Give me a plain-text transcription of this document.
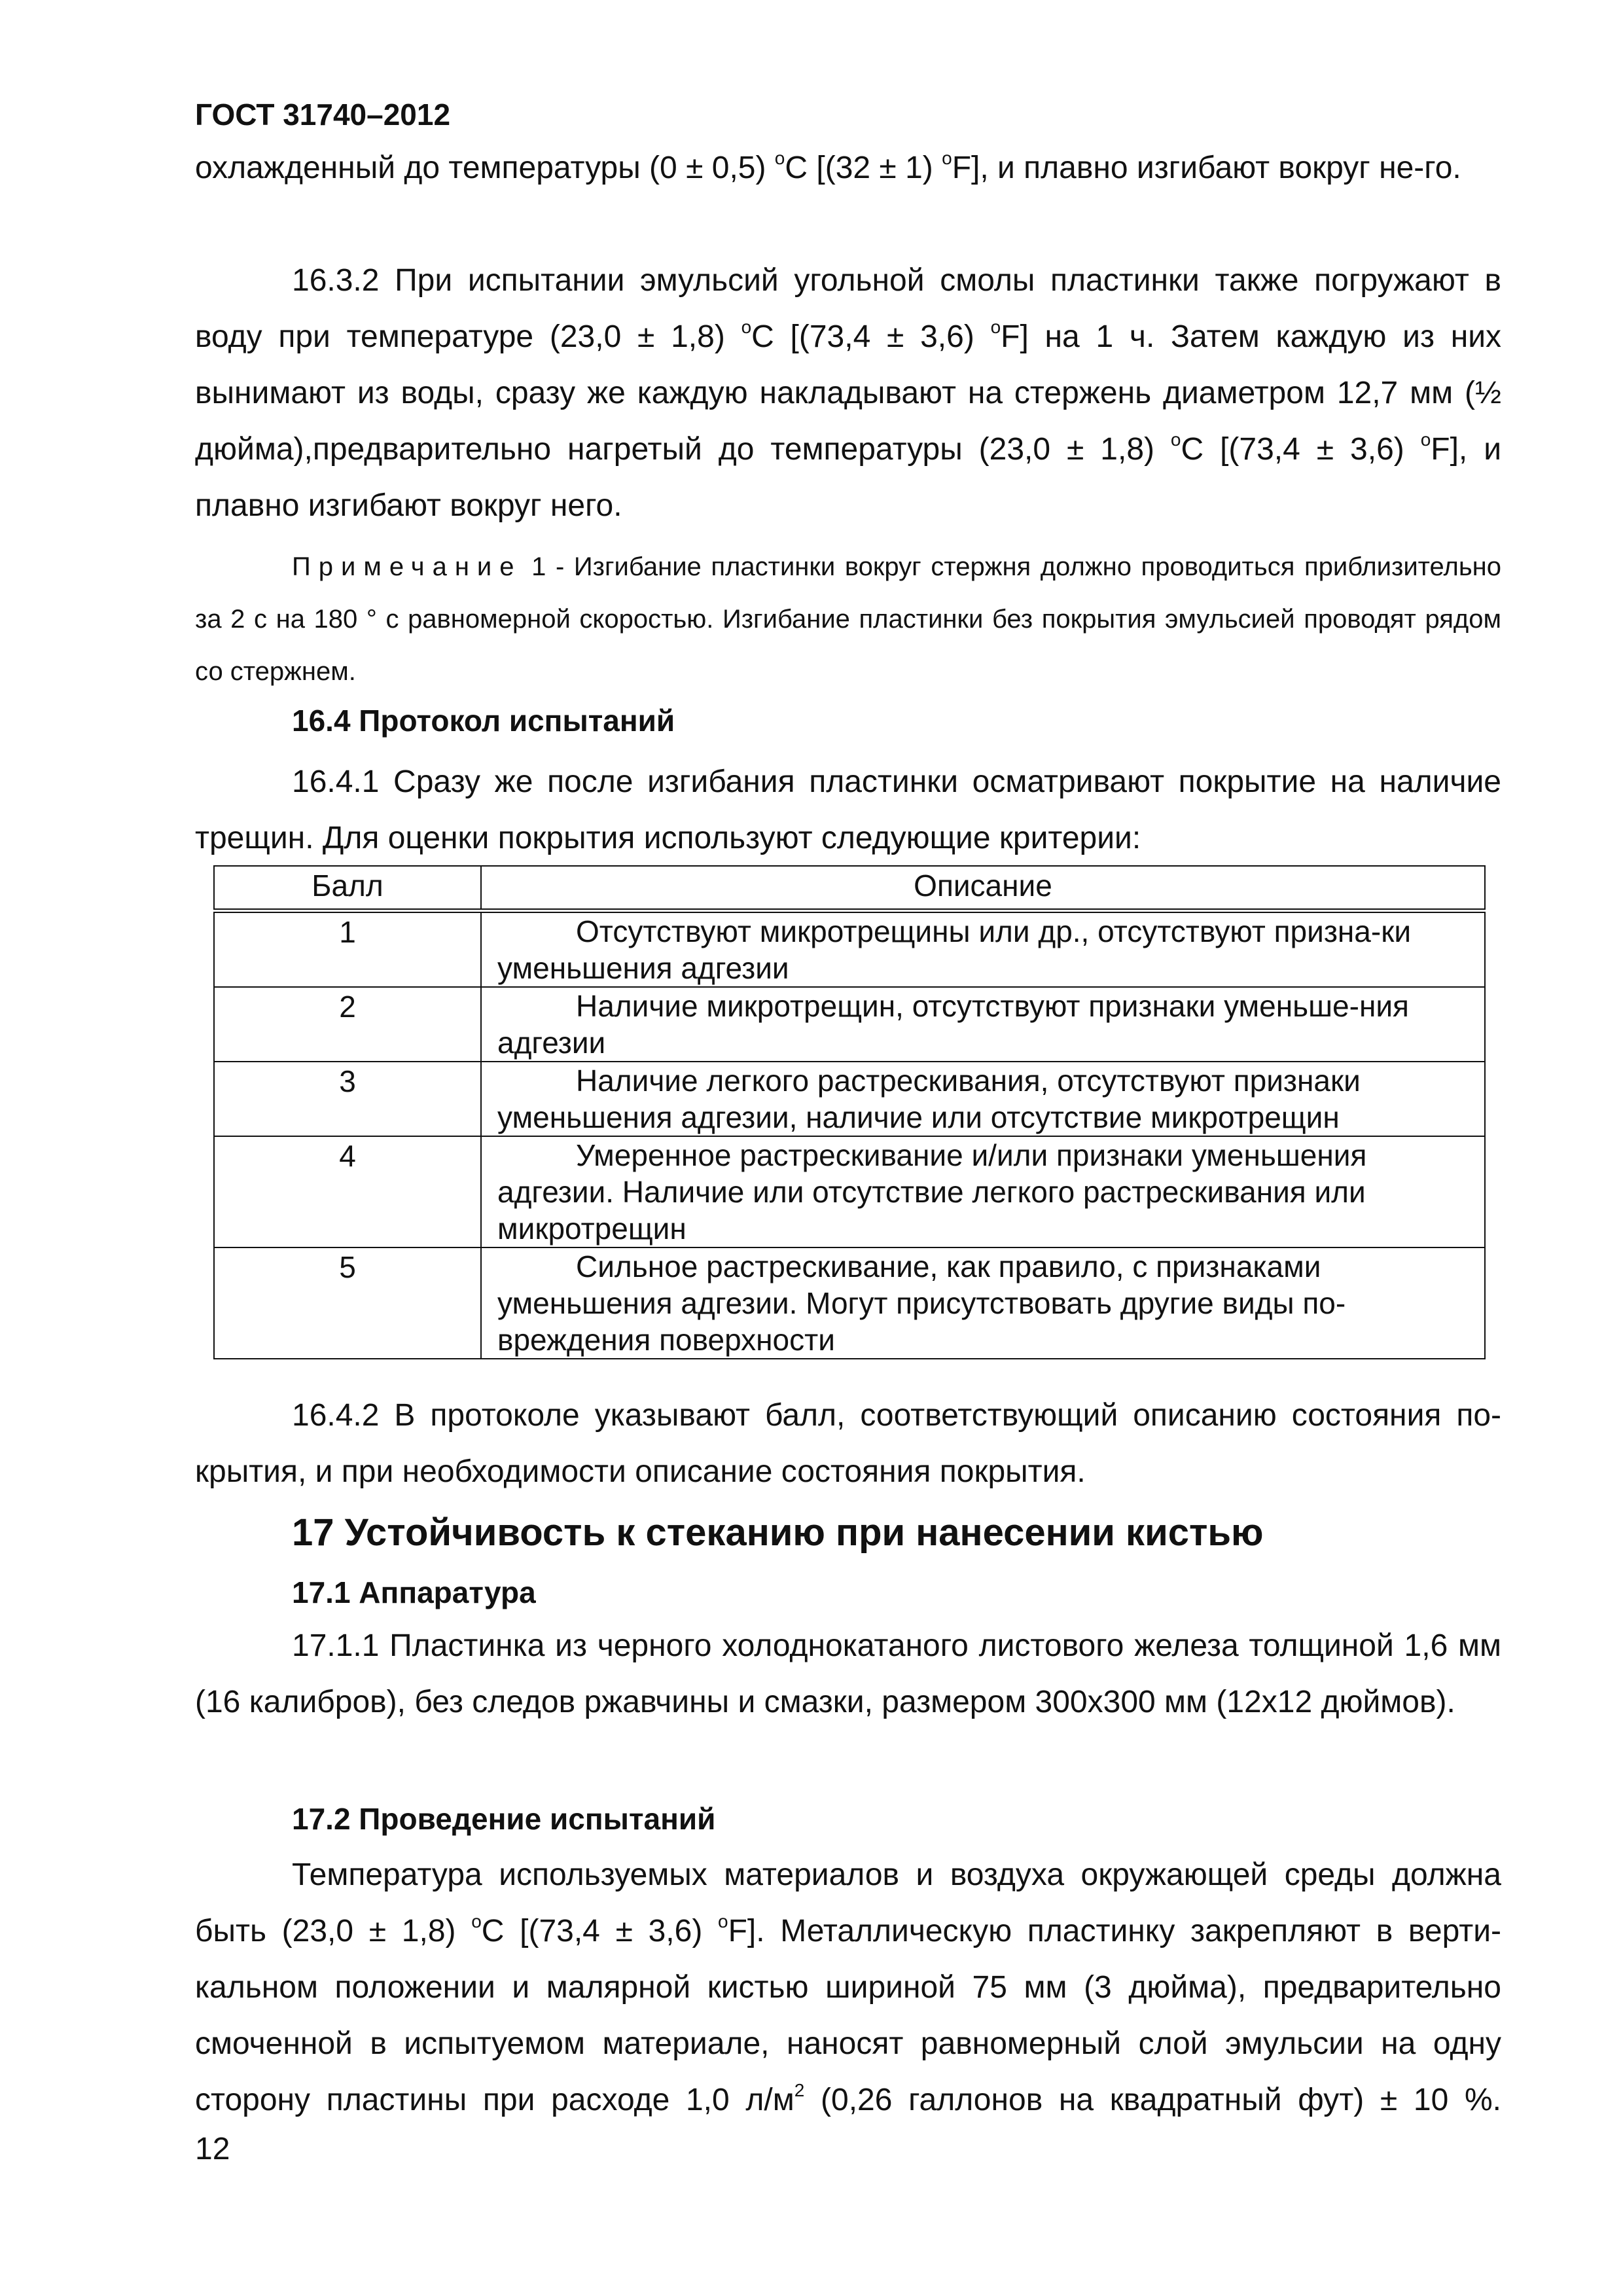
ГОСТ 31740–2012

охлажденный до температуры (0 ± 0,5) $^о$С [(32 ± 1) $^о$F], и плавно изгибают вокруг не-го.

16.3.2 При испытании эмульсий угольной смолы пластинки также погружают в воду при температуре (23,0 ± 1,8) $^о$С [(73,4 ± 3,6) $^о$F] на 1 ч. Затем каждую из них вынимают из воды, сразу же каждую накладывают на стержень диаметром 12,7 мм (½ дюйма),предварительно нагретый до температуры (23,0 ± 1,8) $^о$С [(73,4 ± 3,6) $^о$F], и плавно изгибают вокруг него.

Примечание 1 - Изгибание пластинки вокруг стержня должно проводиться приблизительно за 2 с на 180 ° с равномерной скоростью. Изгибание пластинки без покрытия эмульсией проводят рядом со стержнем.

16.4 Протокол испытаний

16.4.1 Сразу же после изгибания пластинки осматривают покрытие на наличие трещин. Для оценки покрытия используют следующие критерии:

Балл	Описание
1	Отсутствуют микротрещины или др., отсутствуют призна-ки уменьшения адгезии

2	Наличие микротрещин, отсутствуют признаки уменьше-ния адгезии

3	Наличие легкого растрескивания, отсутствуют признаки уменьшения адгезии, наличие или отсутствие микротрещин

4	Умеренное растрескивание и/или признаки уменьшения адгезии. Наличие или отсутствие легкого растрескивания или микротрещин

5	Сильное растрескивание, как правило, с признаками уменьшения адгезии. Могут присутствовать другие виды по-вреждения поверхности

16.4.2 В протоколе указывают балл, соответствующий описанию состояния по-крытия, и при необходимости описание состояния покрытия.

17 Устойчивость к стеканию при нанесении кистью
17.1 Аппаратура

17.1.1 Пластинка из черного холоднокатаного листового железа толщиной 1,6 мм (16 калибров), без следов ржавчины и смазки, размером 300х300 мм (12х12 дюймов).

17.2 Проведение испытаний

Температура используемых материалов и воздуха окружающей среды должна быть (23,0 ± 1,8) $^о$С [(73,4 ± 3,6) $^о$F]. Металлическую пластинку закрепляют в верти-кальном положении и малярной кистью шириной 75 мм (3 дюйма), предварительно смоченной в испытуемом материале, наносят равномерный слой эмульсии на одну сторону пластины при расходе 1,0 $л/м^2$ (0,26 галлонов на квадратный фут) ± 10 %.

12
